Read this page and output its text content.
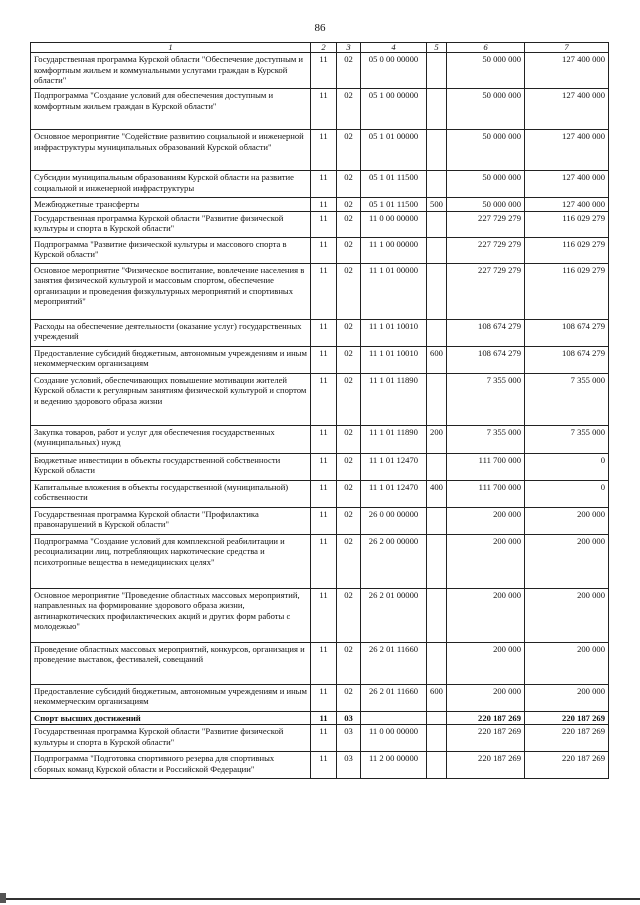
86
1	2	3	4	5	6	7
Государственная программа Курской области "Обеспечение доступным и комфортным жильем и коммунальными услугами граждан в Курской области"	11	02	05 0 00 00000		50 000 000	127 400 000
Подпрограмма "Создание условий для обеспечения доступным и комфортным жильем граждан в Курской области"	11	02	05 1 00 00000		50 000 000	127 400 000
Основное мероприятие "Содействие развитию социальной и инженерной инфраструктуры муниципальных образований Курской области"	11	02	05 1 01 00000		50 000 000	127 400 000
Субсидии муниципальным образованиям Курской области на развитие социальной и инженерной инфраструктуры	11	02	05 1 01 11500		50 000 000	127 400 000
Межбюджетные трансферты	11	02	05 1 01 11500	500	50 000 000	127 400 000
Государственная программа Курской области "Развитие физической культуры и спорта в Курской области"	11	02	11 0 00 00000		227 729 279	116 029 279
Подпрограмма "Развитие физической культуры и массового спорта в Курской области"	11	02	11 1 00 00000		227 729 279	116 029 279
Основное мероприятие "Физическое воспитание, вовлечение населения в занятия физической культурой и массовым спортом, обеспечение организации и проведения физкультурных мероприятий и спортивных мероприятий"	11	02	11 1 01 00000		227 729 279	116 029 279
Расходы на обеспечение деятельности (оказание услуг) государственных учреждений	11	02	11 1 01 10010		108 674 279	108 674 279
Предоставление субсидий бюджетным, автономным учреждениям и иным некоммерческим организациям	11	02	11 1 01 10010	600	108 674 279	108 674 279
Создание условий, обеспечивающих повышение мотивации жителей Курской области к регулярным занятиям физической культурой и спортом и ведению здорового образа жизни	11	02	11 1 01 11890		7 355 000	7 355 000
Закупка товаров, работ и услуг для обеспечения государственных (муниципальных) нужд	11	02	11 1 01 11890	200	7 355 000	7 355 000
Бюджетные инвестиции в объекты государственной собственности Курской области	11	02	11 1 01 12470		111 700 000	0
Капитальные вложения в объекты государственной (муниципальной) собственности	11	02	11 1 01 12470	400	111 700 000	0
Государственная программа Курской области "Профилактика правонарушений в Курской области"	11	02	26 0 00 00000		200 000	200 000
Подпрограмма "Создание условий для комплексной реабилитации и ресоциализации лиц, потребляющих наркотические средства и психотропные вещества в немедицинских целях"	11	02	26 2 00 00000		200 000	200 000
Основное мероприятие "Проведение областных массовых мероприятий, направленных на формирование здорового образа жизни, антинаркотических профилактических акций и других форм работы с молодежью"	11	02	26 2 01 00000		200 000	200 000
Проведение областных массовых мероприятий, конкурсов, организация и проведение выставок, фестивалей, совещаний	11	02	26 2 01 11660		200 000	200 000
Предоставление субсидий бюджетным, автономным учреждениям и иным некоммерческим организациям	11	02	26 2 01 11660	600	200 000	200 000
Спорт высших достижений	11	03			220 187 269	220 187 269
Государственная программа Курской области "Развитие физической культуры и спорта в Курской области"	11	03	11 0 00 00000		220 187 269	220 187 269
Подпрограмма "Подготовка спортивного резерва для спортивных сборных команд Курской области и Российской Федерации"	11	03	11 2 00 00000		220 187 269	220 187 269
